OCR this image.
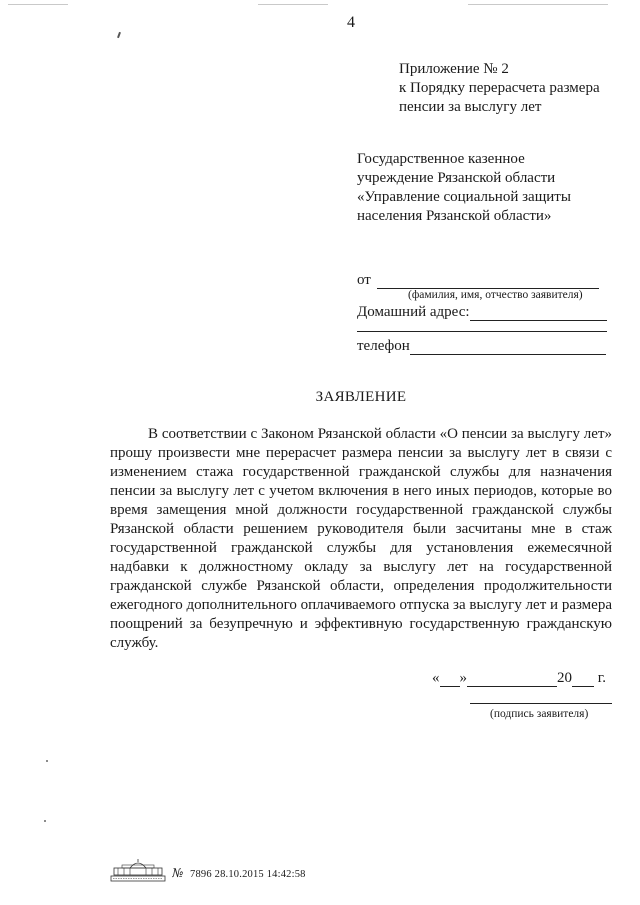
4
Приложение № 2
к Порядку перерасчета размера
пенсии за выслугу лет
Государственное казенное
учреждение Рязанской области
«Управление социальной защиты
населения Рязанской области»
от
(фамилия, имя, отчество заявителя)
Домашний адрес:
телефон
ЗАЯВЛЕНИЕ

В соответствии с Законом Рязанской области «О пенсии за выслугу лет» прошу произвести мне перерасчет размера пенсии за выслугу лет в связи с изменением стажа государственной гражданской службы для назначения пенсии за выслугу лет с учетом включения в него иных периодов, которые во время замещения мной должности государственной гражданской службы Рязанской области решением руководителя были засчитаны мне в стаж государственной гражданской службы для установления ежемесячной надбавки к должностному окладу за выслугу лет на государственной гражданской службе Рязанской области, определения продолжительности ежегодного дополнительного оплачиваемого отпуска за выслугу лет и размера поощрений за безупречную и эффективную государственную гражданскую службу.

« »	20 г.
(подпись заявителя)
№ 7896 28.10.2015 14:42:58
